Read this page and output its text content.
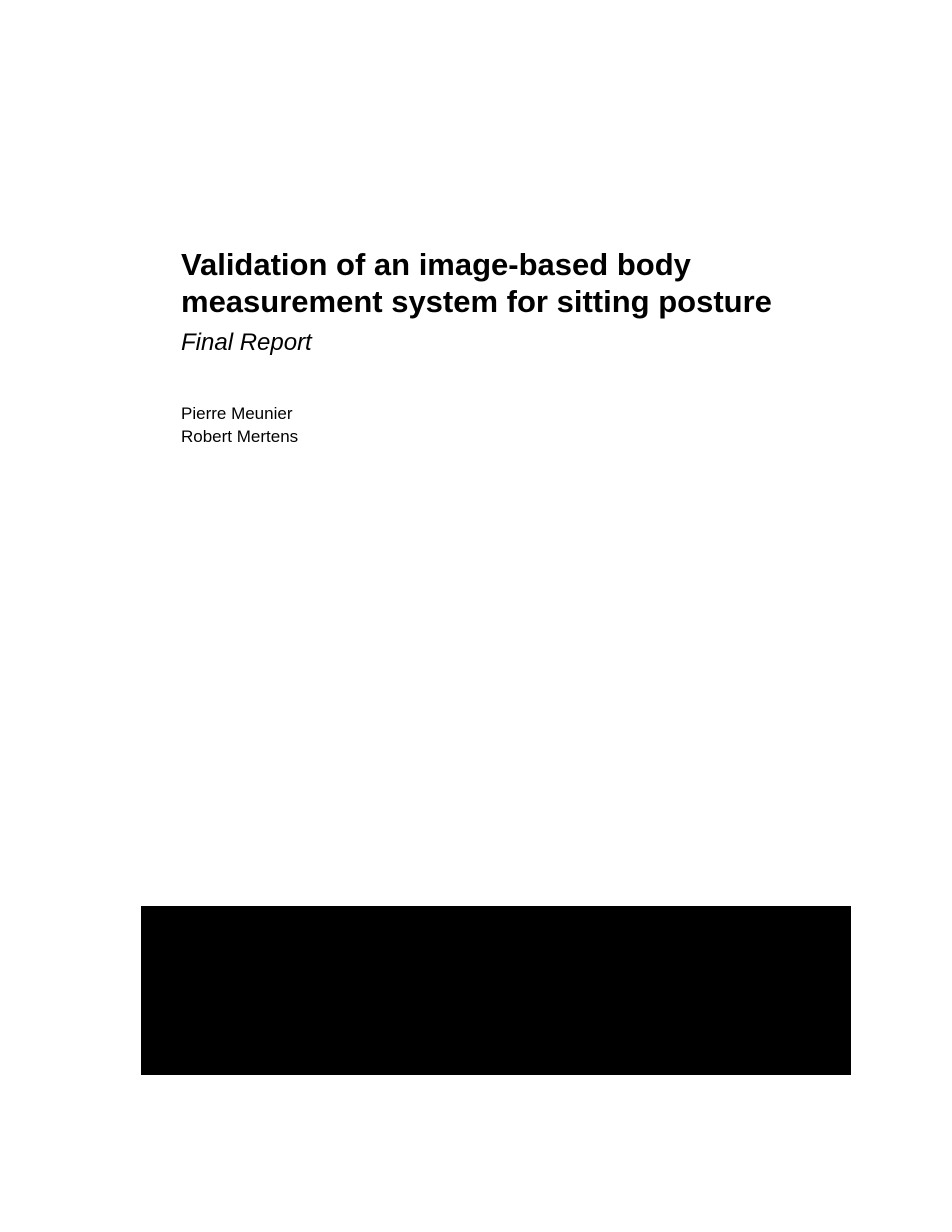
Validation of an image-based body
measurement system for sitting posture
Final Report
Pierre Meunier
Robert Mertens
